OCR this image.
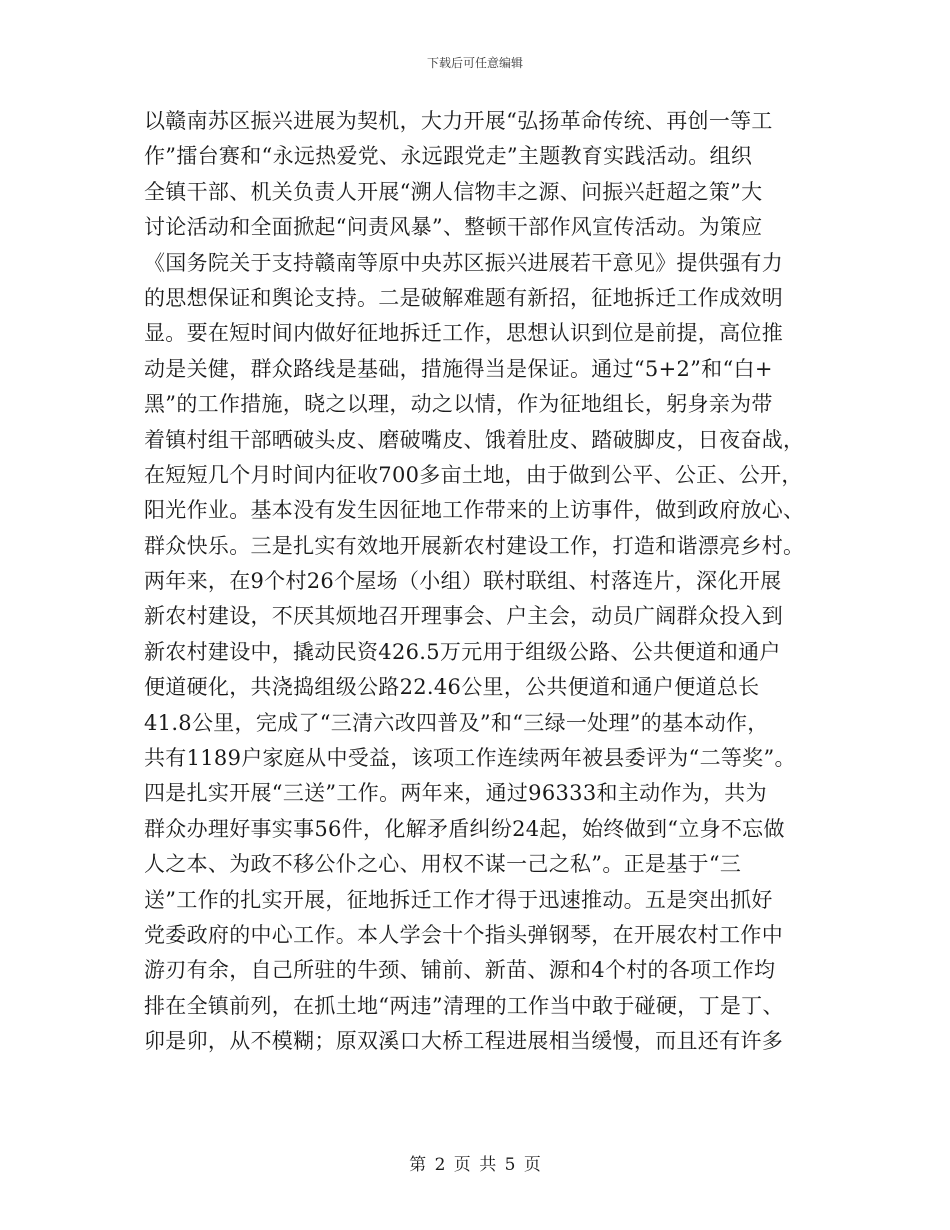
下载后可任意编辑
以赣南苏区振兴进展为契机，大力开展“弘扬革命传统、再创一等工
作”擂台赛和“永远热爱党、永远跟党走”主题教育实践活动。组织
全镇干部、机关负责人开展“溯人信物丰之源、问振兴赶超之策”大
讨论活动和全面掀起“问责风暴”、整顿干部作风宣传活动。为策应
《国务院关于支持赣南等原中央苏区振兴进展若干意见》提供强有力
的思想保证和舆论支持。二是破解难题有新招，征地拆迁工作成效明
显。要在短时间内做好征地拆迁工作，思想认识到位是前提，高位推
动是关健，群众路线是基础，措施得当是保证。通过“5+2”和“白+
黑”的工作措施，晓之以理，动之以情，作为征地组长，躬身亲为带
着镇村组干部晒破头皮、磨破嘴皮、饿着肚皮、踏破脚皮，日夜奋战，
在短短几个月时间内征收700多亩土地，由于做到公平、公正、公开，
阳光作业。基本没有发生因征地工作带来的上访事件，做到政府放心、
群众快乐。三是扎实有效地开展新农村建设工作，打造和谐漂亮乡村。
两年来，在9个村26个屋场（小组）联村联组、村落连片，深化开展
新农村建设，不厌其烦地召开理事会、户主会，动员广阔群众投入到
新农村建设中，撬动民资426.5万元用于组级公路、公共便道和通户
便道硬化，共浇捣组级公路22.46公里，公共便道和通户便道总长
41.8公里，完成了“三清六改四普及”和“三绿一处理”的基本动作，
共有1189户家庭从中受益，该项工作连续两年被县委评为“二等奖”。
四是扎实开展“三送”工作。两年来，通过96333和主动作为，共为
群众办理好事实事56件，化解矛盾纠纷24起，始终做到“立身不忘做
人之本、为政不移公仆之心、用权不谋一己之私”。正是基于“三
送”工作的扎实开展，征地拆迁工作才得于迅速推动。五是突出抓好
党委政府的中心工作。本人学会十个指头弹钢琴，在开展农村工作中
游刃有余，自己所驻的牛颈、铺前、新苗、源和4个村的各项工作均
排在全镇前列，在抓土地“两违”清理的工作当中敢于碰硬，丁是丁、
卯是卯，从不模糊；原双溪口大桥工程进展相当缓慢，而且还有许多
第 2 页 共 5 页
